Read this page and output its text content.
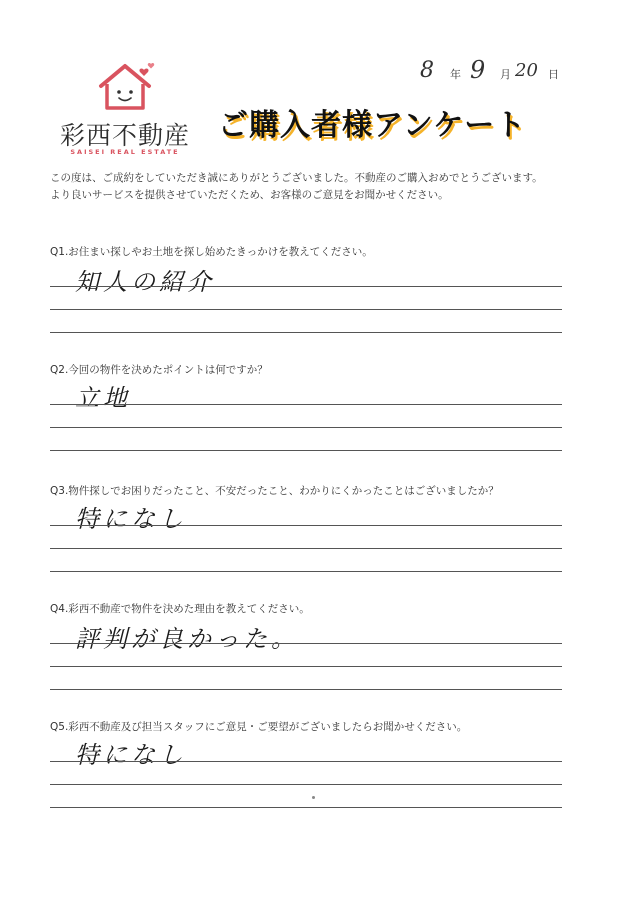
8 年 9 月 20 日
彩西不動産
SAISEI REAL ESTATE
ご購入者様アンケート
この度は、ご成約をしていただき誠にありがとうございました。不動産のご購入おめでとうございます。
より良いサービスを提供させていただくため、お客様のご意見をお聞かせください。
Q1.お住まい探しやお土地を探し始めたきっかけを教えてください。
知人の紹介
Q2.今回の物件を決めたポイントは何ですか？
立地
Q3.物件探しでお困りだったこと、不安だったこと、わかりにくかったことはございましたか？
特になし
Q4.彩西不動産で物件を決めた理由を教えてください。
評判が良かった。
Q5.彩西不動産及び担当スタッフにご意見・ご要望がございましたらお聞かせください。
特になし
